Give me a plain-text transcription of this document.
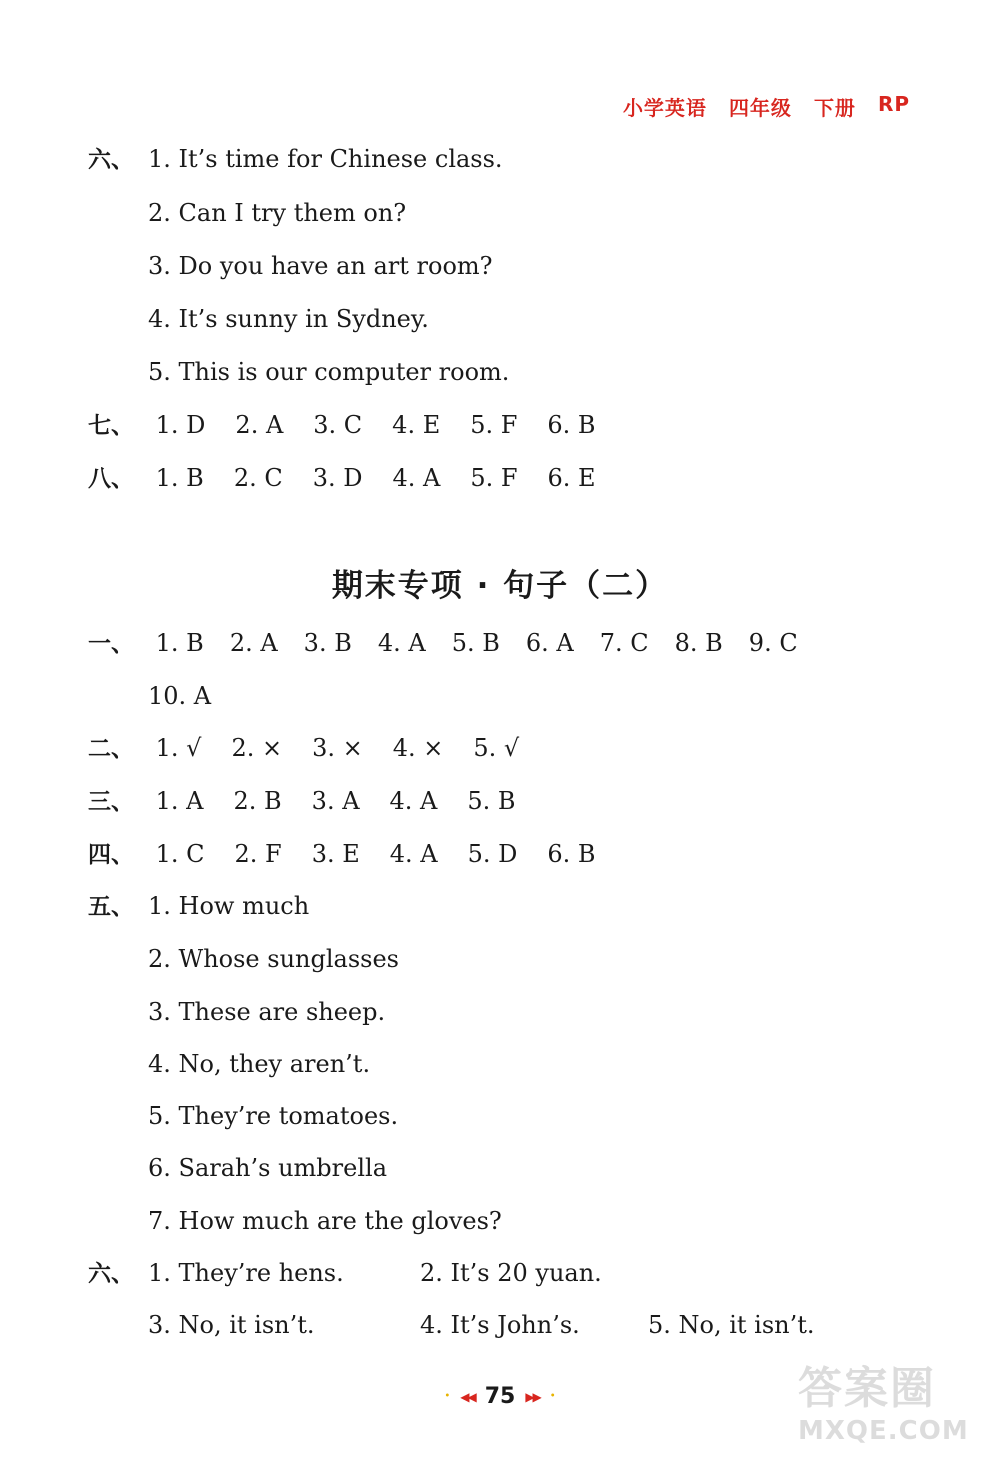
小学英语 四年级 下册 RP
六、 1. It’s time for Chinese class.
2. Can I try them on?
3. Do you have an art room?
4. It’s sunny in Sydney.
5. This is our computer room.
七、 1. D 2. A 3. C 4. E 5. F 6. B
八、 1. B 2. C 3. D 4. A 5. F 6. E
期末专项 · 句子（二）
一、 1. B 2. A 3. B 4. A 5. B 6. A 7. C 8. B 9. C
10. A
二、 1. √ 2. × 3. × 4. × 5. √
三、 1. A 2. B 3. A 4. A 5. B
四、 1. C 2. F 3. E 4. A 5. D 6. B
五、 1. How much
2. Whose sunglasses
3. These are sheep.
4. No, they aren’t.
5. They’re tomatoes.
6. Sarah’s umbrella
7. How much are the gloves?
六、 1. They’re hens.	2. It’s 20 yuan.
3. No, it isn’t.	4. It’s John’s.	5. No, it isn’t.
• ◀◀ 75 ▶▶ •	答案圈
MXQE.COM
